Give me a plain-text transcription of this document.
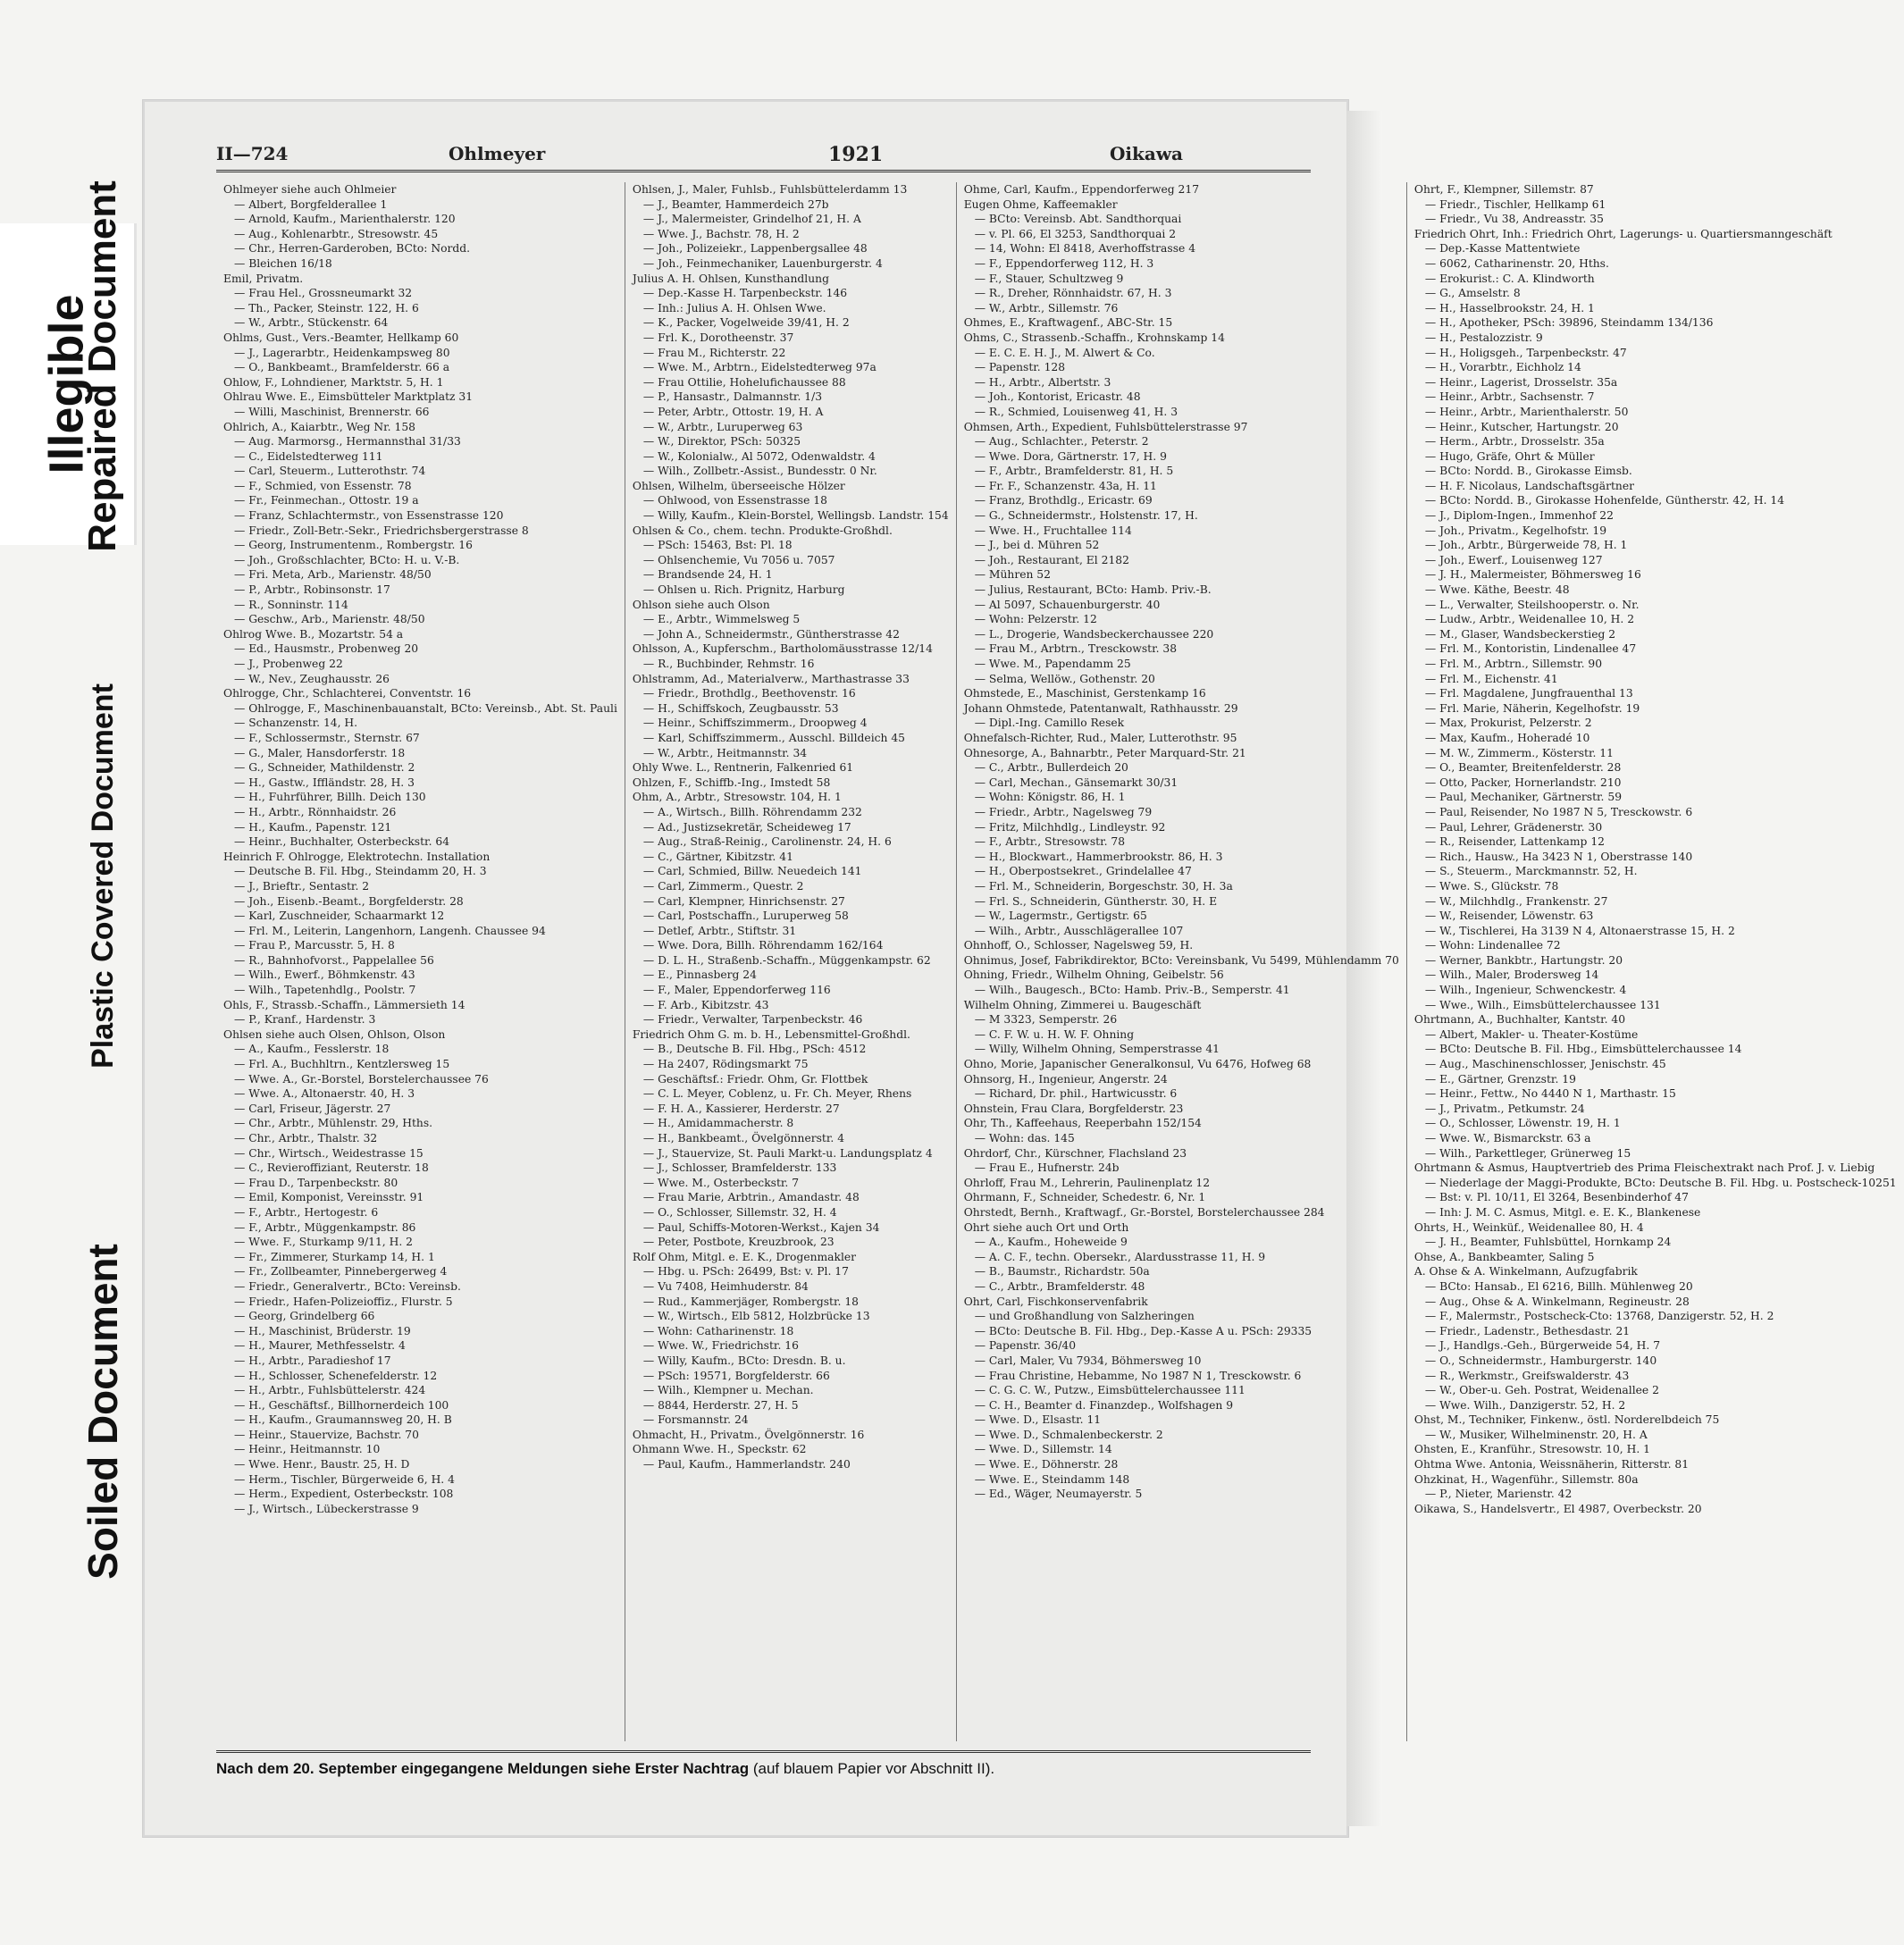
Illegible
Repaired Document
Plastic Covered Document
Soiled Document
II—724	Ohlmeyer	1921	Oikawa
Ohlmeyer siehe auch Ohlmeier
— Albert, Borgfelderallee 1
— Arnold, Kaufm., Marienthalerstr. 120
— Aug., Kohlenarbtr., Stresowstr. 45
— Chr., Herren-Garderoben, BCto: Nordd.
— Bleichen 16/18
Emil, Privatm.
— Frau Hel., Grossneumarkt 32
— Th., Packer, Steinstr. 122, H. 6
— W., Arbtr., Stückenstr. 64
Ohlms, Gust., Vers.-Beamter, Hellkamp 60
— J., Lagerarbtr., Heidenkampsweg 80
— O., Bankbeamt., Bramfelderstr. 66 a
Ohlow, F., Lohndiener, Marktstr. 5, H. 1
Ohlrau Wwe. E., Eimsbütteler Marktplatz 31
— Willi, Maschinist, Brennerstr. 66
Ohlrich, A., Kaiarbtr., Weg Nr. 158
— Aug. Marmorsg., Hermannsthal 31/33
— C., Eidelstedterweg 111
— Carl, Steuerm., Lutterothstr. 74
— F., Schmied, von Essenstr. 78
— Fr., Feinmechan., Ottostr. 19 a
— Franz, Schlachtermstr., von Essenstrasse 120
— Friedr., Zoll-Betr.-Sekr., Friedrichsbergerstrasse 8
— Georg, Instrumentenm., Rombergstr. 16
— Joh., Großschlachter, BCto: H. u. V.-B.
— Fri. Meta, Arb., Marienstr. 48/50
— P., Arbtr., Robinsonstr. 17
— R., Sonninstr. 114
— Geschw., Arb., Marienstr. 48/50
Ohlrog Wwe. B., Mozartstr. 54 a
— Ed., Hausmstr., Probenweg 20
— J., Probenweg 22
— W., Nev., Zeughausstr. 26
Ohlrogge, Chr., Schlachterei, Conventstr. 16
— Ohlrogge, F., Maschinenbauanstalt, BCto: Vereinsb., Abt. St. Pauli
— Schanzenstr. 14, H.
— F., Schlossermstr., Sternstr. 67
— G., Maler, Hansdorferstr. 18
— G., Schneider, Mathildenstr. 2
— H., Gastw., Iffländstr. 28, H. 3
— H., Fuhrführer, Billh. Deich 130
— H., Arbtr., Rönnhaidstr. 26
— H., Kaufm., Papenstr. 121
— Heinr., Buchhalter, Osterbeckstr. 64
Heinrich F. Ohlrogge, Elektrotechn. Installation
— Deutsche B. Fil. Hbg., Steindamm 20, H. 3
— J., Brieftr., Sentastr. 2
— Joh., Eisenb.-Beamt., Borgfelderstr. 28
— Karl, Zuschneider, Schaarmarkt 12
— Frl. M., Leiterin, Langenhorn, Langenh. Chaussee 94
— Frau P., Marcusstr. 5, H. 8
— R., Bahnhofvorst., Pappelallee 56
— Wilh., Ewerf., Böhmkenstr. 43
— Wilh., Tapetenhdlg., Poolstr. 7
Ohls, F., Strassb.-Schaffn., Lämmersieth 14
— P., Kranf., Hardenstr. 3
Ohlsen siehe auch Olsen, Ohlson, Olson
— A., Kaufm., Fesslerstr. 18
— Frl. A., Buchhltrn., Kentzlersweg 15
— Wwe. A., Gr.-Borstel, Borstelerchaussee 76
— Wwe. A., Altonaerstr. 40, H. 3
— Carl, Friseur, Jägerstr. 27
— Chr., Arbtr., Mühlenstr. 29, Hths.
— Chr., Arbtr., Thalstr. 32
— Chr., Wirtsch., Weidestrasse 15
— C., Revieroffiziant, Reuterstr. 18
— Frau D., Tarpenbeckstr. 80
— Emil, Komponist, Vereinsstr. 91
— F., Arbtr., Hertogestr. 6
— F., Arbtr., Müggenkampstr. 86
— Wwe. F., Sturkamp 9/11, H. 2
— Fr., Zimmerer, Sturkamp 14, H. 1
— Fr., Zollbeamter, Pinnebergerweg 4
— Friedr., Generalvertr., BCto: Vereinsb.
— Friedr., Hafen-Polizeioffiz., Flurstr. 5
— Georg, Grindelberg 66
— H., Maschinist, Brüderstr. 19
— H., Maurer, Methfesselstr. 4
— H., Arbtr., Paradieshof 17
— H., Schlosser, Schenefelderstr. 12
— H., Arbtr., Fuhlsbüttelerstr. 424
— H., Geschäftsf., Billhornerdeich 100
— H., Kaufm., Graumannsweg 20, H. B
— Heinr., Stauervize, Bachstr. 70
— Heinr., Heitmannstr. 10
— Wwe. Henr., Baustr. 25, H. D
— Herm., Tischler, Bürgerweide 6, H. 4
— Herm., Expedient, Osterbeckstr. 108
— J., Wirtsch., Lübeckerstrasse 9
Ohlsen, J., Maler, Fuhlsb., Fuhlsbüttelerdamm 13
— J., Beamter, Hammerdeich 27b
— J., Malermeister, Grindelhof 21, H. A
— Wwe. J., Bachstr. 78, H. 2
— Joh., Polizeiekr., Lappenbergsallee 48
— Joh., Feinmechaniker, Lauenburgerstr. 4
Julius A. H. Ohlsen, Kunsthandlung
— Dep.-Kasse H. Tarpenbeckstr. 146
— Inh.: Julius A. H. Ohlsen Wwe.
— K., Packer, Vogelweide 39/41, H. 2
— Frl. K., Dorotheenstr. 37
— Frau M., Richterstr. 22
— Wwe. M., Arbtrn., Eidelstedterweg 97a
— Frau Ottilie, Hohelufichaussee 88
— P., Hansastr., Dalmannstr. 1/3
— Peter, Arbtr., Ottostr. 19, H. A
— W., Arbtr., Luruperweg 63
— W., Direktor, PSch: 50325
— W., Kolonialw., Al 5072, Odenwaldstr. 4
— Wilh., Zollbetr.-Assist., Bundesstr. 0 Nr.
Ohlsen, Wilhelm, überseeische Hölzer
— Ohlwood, von Essenstrasse 18
— Willy, Kaufm., Klein-Borstel, Wellingsb. Landstr. 154
Ohlsen & Co., chem. techn. Produkte-Großhdl.
— PSch: 15463, Bst: Pl. 18
— Ohlsenchemie, Vu 7056 u. 7057
— Brandsende 24, H. 1
— Ohlsen u. Rich. Prignitz, Harburg
Ohlson siehe auch Olson
— E., Arbtr., Wimmelsweg 5
— John A., Schneidermstr., Güntherstrasse 42
Ohlsson, A., Kupferschm., Bartholomäusstrasse 12/14
— R., Buchbinder, Rehmstr. 16
Ohlstramm, Ad., Materialverw., Marthastrasse 33
— Friedr., Brothdlg., Beethovenstr. 16
— H., Schiffskoch, Zeugbausstr. 53
— Heinr., Schiffszimmerm., Droopweg 4
— Karl, Schiffszimmerm., Ausschl. Billdeich 45
— W., Arbtr., Heitmannstr. 34
Ohly Wwe. L., Rentnerin, Falkenried 61
Ohlzen, F., Schiffb.-Ing., Imstedt 58
Ohm, A., Arbtr., Stresowstr. 104, H. 1
— A., Wirtsch., Billh. Röhrendamm 232
— Ad., Justizsekretär, Scheideweg 17
— Aug., Straß-Reinig., Carolinenstr. 24, H. 6
— C., Gärtner, Kibitzstr. 41
— Carl, Schmied, Billw. Neuedeich 141
— Carl, Zimmerm., Questr. 2
— Carl, Klempner, Hinrichsenstr. 27
— Carl, Postschaffn., Luruperweg 58
— Detlef, Arbtr., Stiftstr. 31
— Wwe. Dora, Billh. Röhrendamm 162/164
— D. L. H., Straßenb.-Schaffn., Müggenkampstr. 62
— E., Pinnasberg 24
— F., Maler, Eppendorferweg 116
— F. Arb., Kibitzstr. 43
— Friedr., Verwalter, Tarpenbeckstr. 46
Friedrich Ohm G. m. b. H., Lebensmittel-Großhdl.
— B., Deutsche B. Fil. Hbg., PSch: 4512
— Ha 2407, Rödingsmarkt 75
— Geschäftsf.: Friedr. Ohm, Gr. Flottbek
— C. L. Meyer, Coblenz, u. Fr. Ch. Meyer, Rhens
— F. H. A., Kassierer, Herderstr. 27
— H., Amidammacherstr. 8
— H., Bankbeamt., Övelgönnerstr. 4
— J., Stauervize, St. Pauli Markt-u. Landungsplatz 4
— J., Schlosser, Bramfelderstr. 133
— Wwe. M., Osterbeckstr. 7
— Frau Marie, Arbtrin., Amandastr. 48
— O., Schlosser, Sillemstr. 32, H. 4
— Paul, Schiffs-Motoren-Werkst., Kajen 34
— Peter, Postbote, Kreuzbrook, 23
Rolf Ohm, Mitgl. e. E. K., Drogenmakler
— Hbg. u. PSch: 26499, Bst: v. Pl. 17
— Vu 7408, Heimhuderstr. 84
— Rud., Kammerjäger, Rombergstr. 18
— W., Wirtsch., Elb 5812, Holzbrücke 13
— Wohn: Catharinenstr. 18
— Wwe. W., Friedrichstr. 16
— Willy, Kaufm., BCto: Dresdn. B. u.
— PSch: 19571, Borgfelderstr. 66
— Wilh., Klempner u. Mechan.
— 8844, Herderstr. 27, H. 5
— Forsmannstr. 24
Ohmacht, H., Privatm., Övelgönnerstr. 16
Ohmann Wwe. H., Speckstr. 62
— Paul, Kaufm., Hammerlandstr. 240
Ohme, Carl, Kaufm., Eppendorferweg 217
Eugen Ohme, Kaffeemakler
— BCto: Vereinsb. Abt. Sandthorquai
— v. Pl. 66, El 3253, Sandthorquai 2
— 14, Wohn: El 8418, Averhoffstrasse 4
— F., Eppendorferweg 112, H. 3
— F., Stauer, Schultzweg 9
— R., Dreher, Rönnhaidstr. 67, H. 3
— W., Arbtr., Sillemstr. 76
Ohmes, E., Kraftwagenf., ABC-Str. 15
Ohms, C., Strassenb.-Schaffn., Krohnskamp 14
— E. C. E. H. J., M. Alwert & Co.
— Papenstr. 128
— H., Arbtr., Albertstr. 3
— Joh., Kontorist, Ericastr. 48
— R., Schmied, Louisenweg 41, H. 3
Ohmsen, Arth., Expedient, Fuhlsbüttelerstrasse 97
— Aug., Schlachter., Peterstr. 2
— Wwe. Dora, Gärtnerstr. 17, H. 9
— F., Arbtr., Bramfelderstr. 81, H. 5
— Fr. F., Schanzenstr. 43a, H. 11
— Franz, Brothdlg., Ericastr. 69
— G., Schneidermstr., Holstenstr. 17, H.
— Wwe. H., Fruchtallee 114
— J., bei d. Mühren 52
— Joh., Restaurant, El 2182
— Mühren 52
— Julius, Restaurant, BCto: Hamb. Priv.-B.
— Al 5097, Schauenburgerstr. 40
— Wohn: Pelzerstr. 12
— L., Drogerie, Wandsbeckerchaussee 220
— Frau M., Arbtrn., Tresckowstr. 38
— Wwe. M., Papendamm 25
— Selma, Wellöw., Gothenstr. 20
Ohmstede, E., Maschinist, Gerstenkamp 16
Johann Ohmstede, Patentanwalt, Rathhausstr. 29
— Dipl.-Ing. Camillo Resek
Ohnefalsch-Richter, Rud., Maler, Lutterothstr. 95
Ohnesorge, A., Bahnarbtr., Peter Marquard-Str. 21
— C., Arbtr., Bullerdeich 20
— Carl, Mechan., Gänsemarkt 30/31
— Wohn: Königstr. 86, H. 1
— Friedr., Arbtr., Nagelsweg 79
— Fritz, Milchhdlg., Lindleystr. 92
— F., Arbtr., Stresowstr. 78
— H., Blockwart., Hammerbrookstr. 86, H. 3
— H., Oberpostsekret., Grindelallee 47
— Frl. M., Schneiderin, Borgeschstr. 30, H. 3a
— Frl. S., Schneiderin, Güntherstr. 30, H. E
— W., Lagermstr., Gertigstr. 65
— Wilh., Arbtr., Ausschlägerallee 107
Ohnhoff, O., Schlosser, Nagelsweg 59, H.
Ohnimus, Josef, Fabrikdirektor, BCto: Vereinsbank, Vu 5499, Mühlendamm 70
Ohning, Friedr., Wilhelm Ohning, Geibelstr. 56
— Wilh., Baugesch., BCto: Hamb. Priv.-B., Semperstr. 41
Wilhelm Ohning, Zimmerei u. Baugeschäft
— M 3323, Semperstr. 26
— C. F. W. u. H. W. F. Ohning
— Willy, Wilhelm Ohning, Semperstrasse 41
Ohno, Morie, Japanischer Generalkonsul, Vu 6476, Hofweg 68
Ohnsorg, H., Ingenieur, Angerstr. 24
— Richard, Dr. phil., Hartwicusstr. 6
Ohnstein, Frau Clara, Borgfelderstr. 23
Ohr, Th., Kaffeehaus, Reeperbahn 152/154
— Wohn: das. 145
Ohrdorf, Chr., Kürschner, Flachsland 23
— Frau E., Hufnerstr. 24b
Ohrloff, Frau M., Lehrerin, Paulinenplatz 12
Ohrmann, F., Schneider, Schedestr. 6, Nr. 1
Ohrstedt, Bernh., Kraftwagf., Gr.-Borstel, Borstelerchaussee 284
Ohrt siehe auch Ort und Orth
— A., Kaufm., Hoheweide 9
— A. C. F., techn. Obersekr., Alardusstrasse 11, H. 9
— B., Baumstr., Richardstr. 50a
— C., Arbtr., Bramfelderstr. 48
Ohrt, Carl, Fischkonservenfabrik
— und Großhandlung von Salzheringen
— BCto: Deutsche B. Fil. Hbg., Dep.-Kasse A u. PSch: 29335
— Papenstr. 36/40
— Carl, Maler, Vu 7934, Böhmersweg 10
— Frau Christine, Hebamme, No 1987 N 1, Tresckowstr. 6
— C. G. C. W., Putzw., Eimsbüttelerchaussee 111
— C. H., Beamter d. Finanzdep., Wolfshagen 9
— Wwe. D., Elsastr. 11
— Wwe. D., Schmalenbeckerstr. 2
— Wwe. D., Sillemstr. 14
— Wwe. E., Döhnerstr. 28
— Wwe. E., Steindamm 148
— Ed., Wäger, Neumayerstr. 5
Ohrt, F., Klempner, Sillemstr. 87
— Friedr., Tischler, Hellkamp 61
— Friedr., Vu 38, Andreasstr. 35
Friedrich Ohrt, Inh.: Friedrich Ohrt, Lagerungs- u. Quartiersmanngeschäft
— Dep.-Kasse Mattentwiete
— 6062, Catharinenstr. 20, Hths.
— Erokurist.: C. A. Klindworth
— G., Amselstr. 8
— H., Hasselbrookstr. 24, H. 1
— H., Apotheker, PSch: 39896, Steindamm 134/136
— H., Pestalozzistr. 9
— H., Holigsgeh., Tarpenbeckstr. 47
— H., Vorarbtr., Eichholz 14
— Heinr., Lagerist, Drosselstr. 35a
— Heinr., Arbtr., Sachsenstr. 7
— Heinr., Arbtr., Marienthalerstr. 50
— Heinr., Kutscher, Hartungstr. 20
— Herm., Arbtr., Drosselstr. 35a
— Hugo, Gräfe, Ohrt & Müller
— BCto: Nordd. B., Girokasse Eimsb.
— H. F. Nicolaus, Landschaftsgärtner
— BCto: Nordd. B., Girokasse Hohenfelde, Güntherstr. 42, H. 14
— J., Diplom-Ingen., Immenhof 22
— Joh., Privatm., Kegelhofstr. 19
— Joh., Arbtr., Bürgerweide 78, H. 1
— Joh., Ewerf., Louisenweg 127
— J. H., Malermeister, Böhmersweg 16
— Wwe. Käthe, Beestr. 48
— L., Verwalter, Steilshooperstr. o. Nr.
— Ludw., Arbtr., Weidenallee 10, H. 2
— M., Glaser, Wandsbeckerstieg 2
— Frl. M., Kontoristin, Lindenallee 47
— Frl. M., Arbtrn., Sillemstr. 90
— Frl. M., Eichenstr. 41
— Frl. Magdalene, Jungfrauenthal 13
— Frl. Marie, Näherin, Kegelhofstr. 19
— Max, Prokurist, Pelzerstr. 2
— Max, Kaufm., Hoheradé 10
— M. W., Zimmerm., Kösterstr. 11
— O., Beamter, Breitenfelderstr. 28
— Otto, Packer, Hornerlandstr. 210
— Paul, Mechaniker, Gärtnerstr. 59
— Paul, Reisender, No 1987 N 5, Tresckowstr. 6
— Paul, Lehrer, Grädenerstr. 30
— R., Reisender, Lattenkamp 12
— Rich., Hausw., Ha 3423 N 1, Oberstrasse 140
— S., Steuerm., Marckmannstr. 52, H.
— Wwe. S., Glückstr. 78
— W., Milchhdlg., Frankenstr. 27
— W., Reisender, Löwenstr. 63
— W., Tischlerei, Ha 3139 N 4, Altonaerstrasse 15, H. 2
— Wohn: Lindenallee 72
— Werner, Bankbtr., Hartungstr. 20
— Wilh., Maler, Brodersweg 14
— Wilh., Ingenieur, Schwenckestr. 4
— Wwe., Wilh., Eimsbüttelerchaussee 131
Ohrtmann, A., Buchhalter, Kantstr. 40
— Albert, Makler- u. Theater-Kostüme
— BCto: Deutsche B. Fil. Hbg., Eimsbüttelerchaussee 14
— Aug., Maschinenschlosser, Jenischstr. 45
— E., Gärtner, Grenzstr. 19
— Heinr., Fettw., No 4440 N 1, Marthastr. 15
— J., Privatm., Petkumstr. 24
— O., Schlosser, Löwenstr. 19, H. 1
— Wwe. W., Bismarckstr. 63 a
— Wilh., Parkettleger, Grünerweg 15
Ohrtmann & Asmus, Hauptvertrieb des Prima Fleischextrakt nach Prof. J. v. Liebig
— Niederlage der Maggi-Produkte, BCto: Deutsche B. Fil. Hbg. u. Postscheck-10251
— Bst: v. Pl. 10/11, El 3264, Besenbinderhof 47
— Inh: J. M. C. Asmus, Mitgl. e. E. K., Blankenese
Ohrts, H., Weinküf., Weidenallee 80, H. 4
— J. H., Beamter, Fuhlsbüttel, Hornkamp 24
Ohse, A., Bankbeamter, Saling 5
A. Ohse & A. Winkelmann, Aufzugfabrik
— BCto: Hansab., El 6216, Billh. Mühlenweg 20
— Aug., Ohse & A. Winkelmann, Regineustr. 28
— F., Malermstr., Postscheck-Cto: 13768, Danzigerstr. 52, H. 2
— Friedr., Ladenstr., Bethesdastr. 21
— J., Handlgs.-Geh., Bürgerweide 54, H. 7
— O., Schneidermstr., Hamburgerstr. 140
— R., Werkmstr., Greifswalderstr. 43
— W., Ober-u. Geh. Postrat, Weidenallee 2
— Wwe. Wilh., Danzigerstr. 52, H. 2
Ohst, M., Techniker, Finkenw., östl. Norderelbdeich 75
— W., Musiker, Wilhelminenstr. 20, H. A
Ohsten, E., Kranführ., Stresowstr. 10, H. 1
Ohtma Wwe. Antonia, Weissnäherin, Ritterstr. 81
Ohzkinat, H., Wagenführ., Sillemstr. 80a
— P., Nieter, Marienstr. 42
Oikawa, S., Handelsvertr., El 4987, Overbeckstr. 20
Nach dem 20. September eingegangene Meldungen siehe Erster Nachtrag (auf blauem Papier vor Abschnitt II).
